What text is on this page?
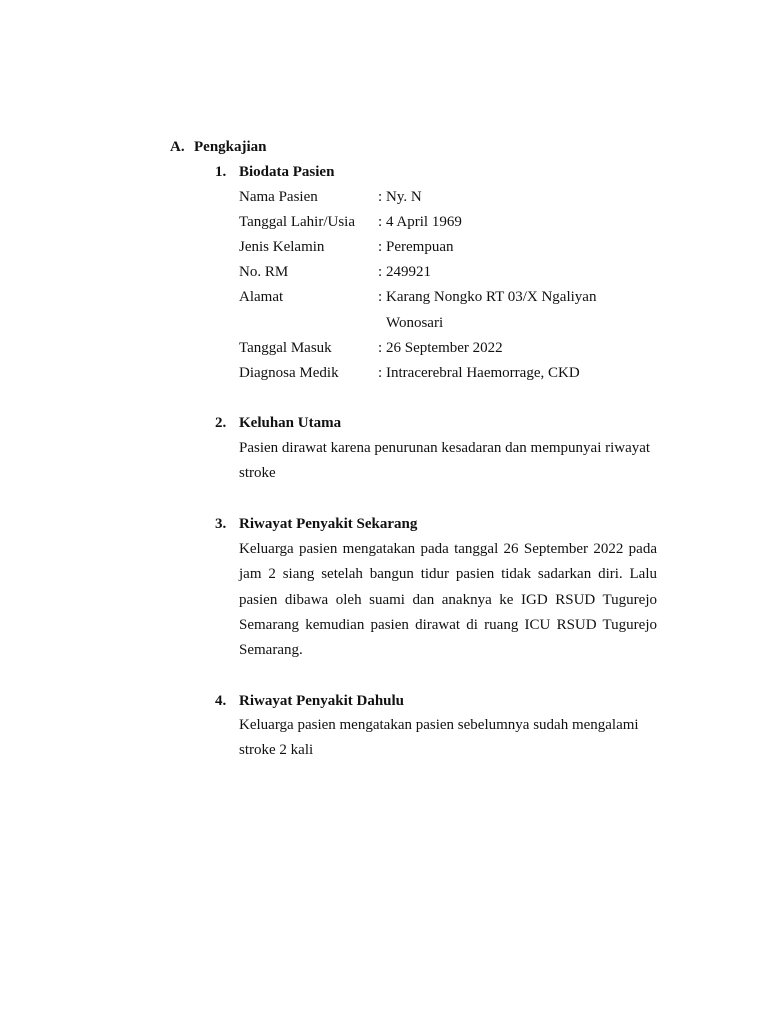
A. Pengkajian
1. Biodata Pasien
Nama Pasien	: Ny. N
Tanggal Lahir/Usia : 4 April 1969
Jenis Kelamin	: Perempuan
No. RM	: 249921
Alamat	: Karang Nongko RT 03/X Ngaliyan
Wonosari
Tanggal Masuk	: 26 September 2022
Diagnosa Medik	: Intracerebral Haemorrage, CKD
2. Keluhan Utama
Pasien dirawat karena penurunan kesadaran dan mempunyai riwayat stroke
3. Riwayat Penyakit Sekarang
Keluarga pasien mengatakan pada tanggal 26 September 2022 pada jam 2 siang setelah bangun tidur pasien tidak sadarkan diri. Lalu pasien dibawa oleh suami dan anaknya ke IGD RSUD Tugurejo Semarang kemudian pasien dirawat di ruang ICU RSUD Tugurejo Semarang.
4. Riwayat Penyakit Dahulu
Keluarga pasien mengatakan pasien sebelumnya sudah mengalami stroke 2 kali
